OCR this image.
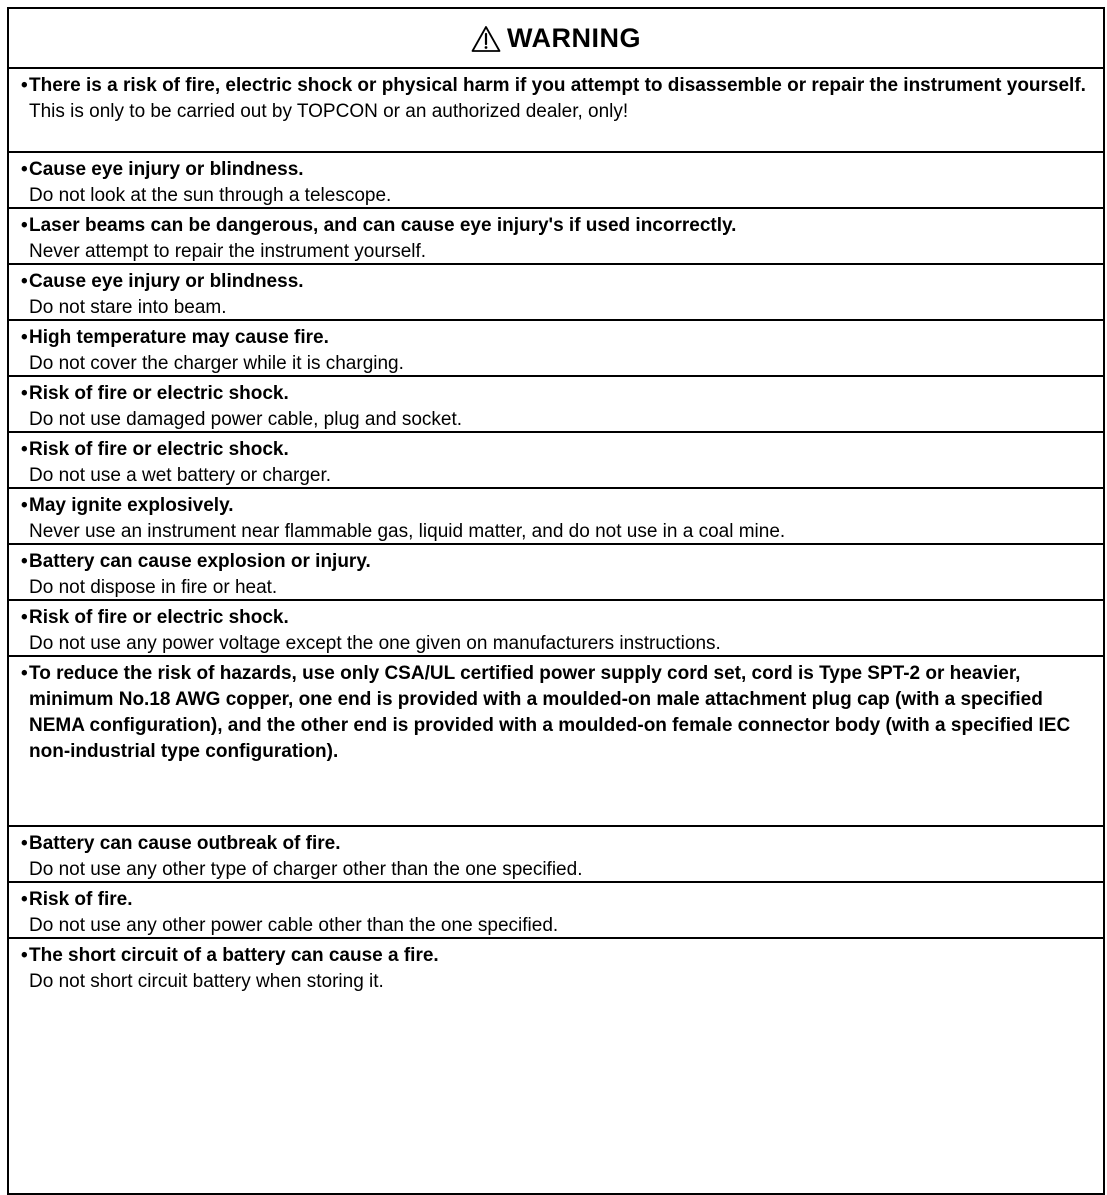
WARNING
• There is a risk of fire, electric shock or physical harm if you attempt to disassemble or repair the instrument yourself.
This is only to be carried out by TOPCON or an authorized dealer, only!
• Cause eye injury or blindness.
Do not look at the sun through a telescope.
• Laser beams can be dangerous, and can cause eye injury's if used incorrectly.
Never attempt to repair the instrument yourself.
• Cause eye injury or blindness.
Do not stare into beam.
• High temperature may cause fire.
Do not cover the charger while it is charging.
• Risk of fire or electric shock.
Do not use damaged power cable, plug and socket.
• Risk of fire or electric shock.
Do not use a wet battery or charger.
• May ignite explosively.
Never use an instrument near flammable gas, liquid matter, and do not use in a coal mine.
• Battery can cause explosion or injury.
Do not dispose in fire or heat.
• Risk of fire or electric shock.
Do not use any power voltage except the one given on manufacturers instructions.
• To reduce the risk of hazards, use only CSA/UL certified power supply cord set, cord is Type SPT-2 or heavier, minimum No.18 AWG copper, one end is provided with a moulded-on male attachment plug cap (with a specified NEMA configuration), and the other end is provided with a moulded-on female connector body (with a specified IEC non-industrial type configuration).
• Battery can cause outbreak of fire.
Do not use any other type of charger other than the one specified.
• Risk of fire.
Do not use any other power cable other than the one specified.
• The short circuit of a battery can cause a fire.
Do not short circuit battery when storing it.
